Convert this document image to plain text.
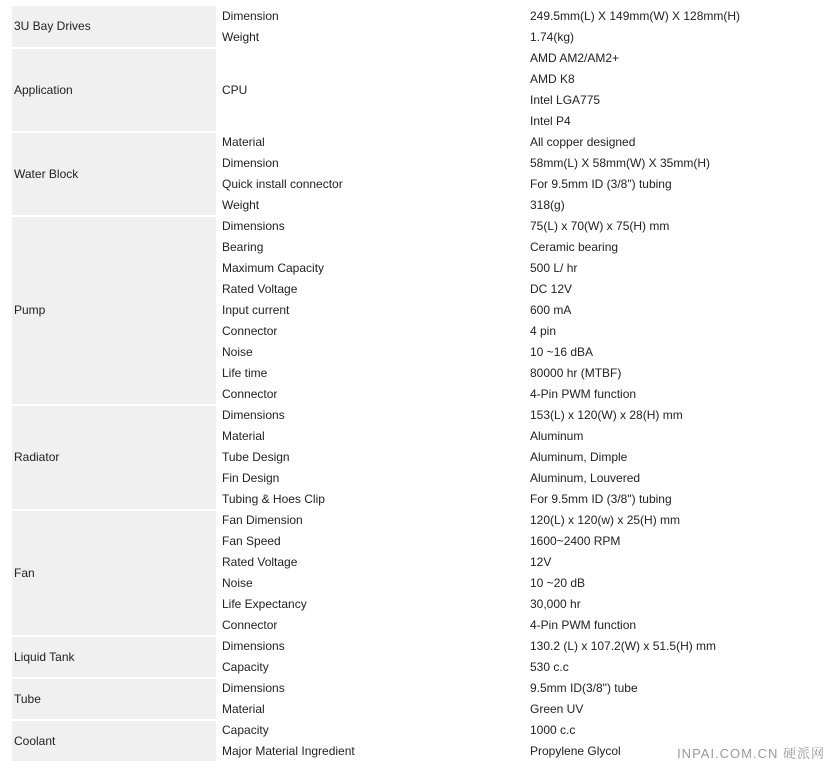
3U Bay Drives	Dimension	249.5mm(L) X 149mm(W) X 128mm(H)
	Weight	1.74(kg)
Application	CPU	AMD AM2/AM2+
		AMD K8
		Intel LGA775
		Intel P4
Water Block	Material	All copper designed
	Dimension	58mm(L) X 58mm(W) X 35mm(H)
	Quick install connector	For 9.5mm ID (3/8") tubing
	Weight	318(g)
Pump	Dimensions	75(L) x 70(W) x 75(H) mm
	Bearing	Ceramic bearing
	Maximum Capacity	500 L/ hr
	Rated Voltage	DC 12V
	Input current	600 mA
	Connector	4 pin
	Noise	10 ~16 dBA
	Life time	80000 hr (MTBF)
	Connector	4-Pin PWM function
Radiator	Dimensions	153(L) x 120(W) x 28(H) mm
	Material	Aluminum
	Tube Design	Aluminum, Dimple
	Fin Design	Aluminum, Louvered
	Tubing & Hoes Clip	For 9.5mm ID (3/8") tubing
Fan	Fan Dimension	120(L) x 120(w) x 25(H) mm
	Fan Speed	1600~2400 RPM
	Rated Voltage	12V
	Noise	10 ~20 dB
	Life Expectancy	30,000 hr
	Connector	4-Pin PWM function
Liquid Tank	Dimensions	130.2 (L) x 107.2(W) x 51.5(H) mm
	Capacity	530 c.c
Tube	Dimensions	9.5mm ID(3/8") tube
	Material	Green UV
Coolant	Capacity	1000 c.c
	Major Material Ingredient	Propylene Glycol	INPAI.COM.CN 硬派网
